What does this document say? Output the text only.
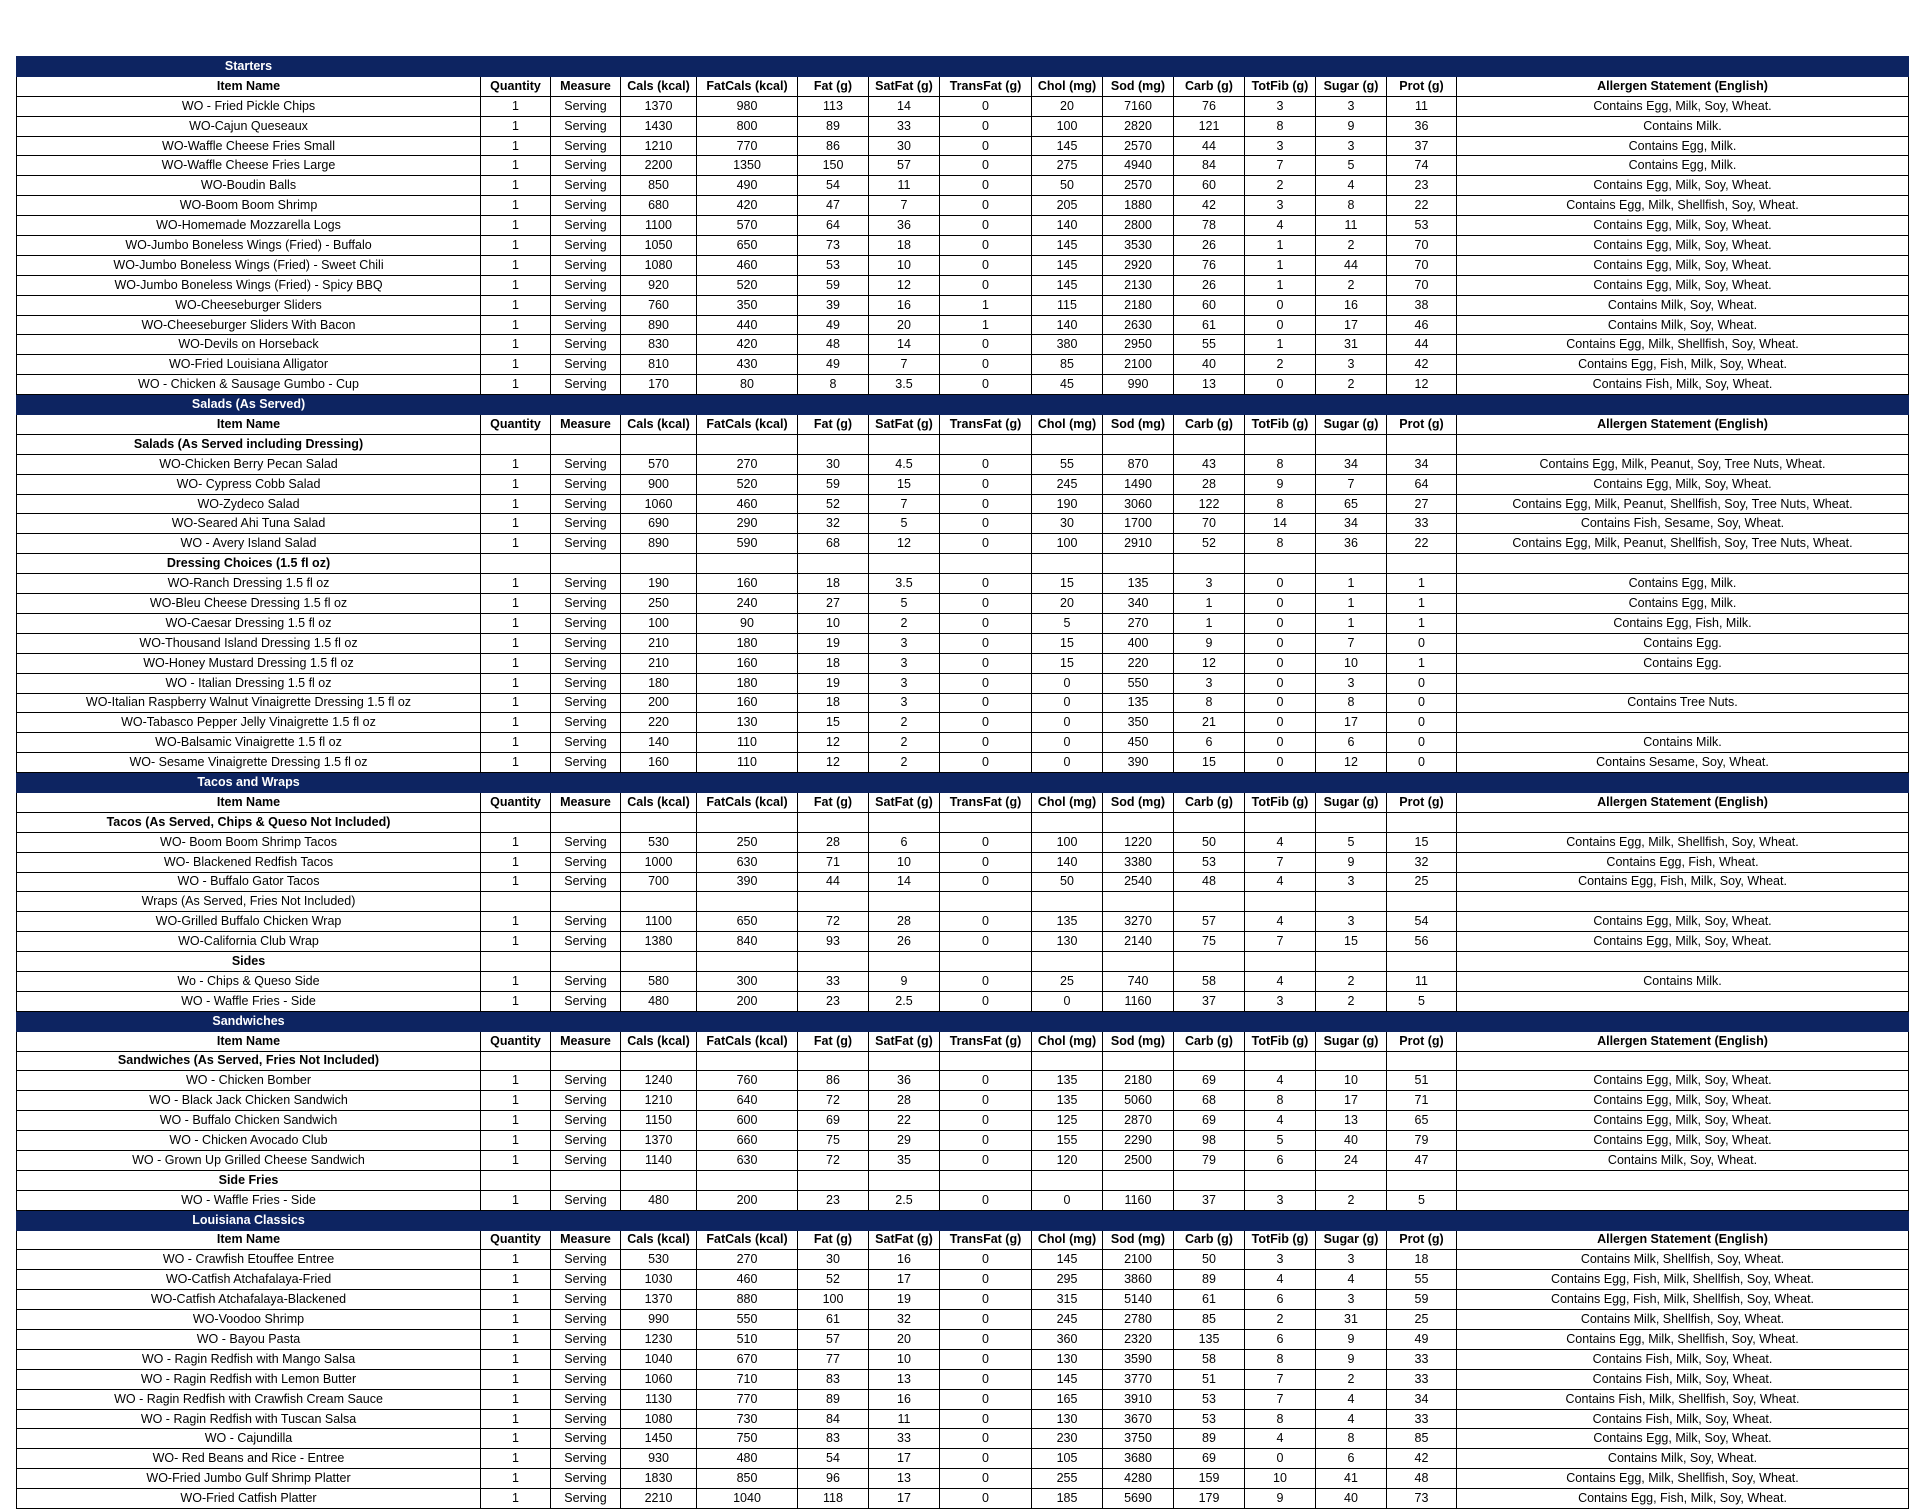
Starters														
Item Name	Quantity	Measure	Cals (kcal)	FatCals (kcal)	Fat (g)	SatFat (g)	TransFat (g)	Chol (mg)	Sod (mg)	Carb (g)	TotFib (g)	Sugar (g)	Prot (g)	Allergen Statement (English)
WO - Fried Pickle Chips	1	Serving	1370	980	113	14	0	20	7160	76	3	3	11	Contains Egg, Milk, Soy, Wheat.
WO-Cajun Queseaux	1	Serving	1430	800	89	33	0	100	2820	121	8	9	36	Contains Milk.
WO-Waffle Cheese Fries Small	1	Serving	1210	770	86	30	0	145	2570	44	3	3	37	Contains Egg, Milk.
WO-Waffle Cheese Fries Large	1	Serving	2200	1350	150	57	0	275	4940	84	7	5	74	Contains Egg, Milk.
WO-Boudin Balls	1	Serving	850	490	54	11	0	50	2570	60	2	4	23	Contains Egg, Milk, Soy, Wheat.
WO-Boom Boom Shrimp	1	Serving	680	420	47	7	0	205	1880	42	3	8	22	Contains Egg, Milk, Shellfish, Soy, Wheat.
WO-Homemade Mozzarella Logs	1	Serving	1100	570	64	36	0	140	2800	78	4	11	53	Contains Egg, Milk, Soy, Wheat.
WO-Jumbo Boneless Wings (Fried) - Buffalo	1	Serving	1050	650	73	18	0	145	3530	26	1	2	70	Contains Egg, Milk, Soy, Wheat.
WO-Jumbo Boneless Wings (Fried) - Sweet Chili	1	Serving	1080	460	53	10	0	145	2920	76	1	44	70	Contains Egg, Milk, Soy, Wheat.
WO-Jumbo Boneless Wings (Fried) - Spicy BBQ	1	Serving	920	520	59	12	0	145	2130	26	1	2	70	Contains Egg, Milk, Soy, Wheat.
WO-Cheeseburger Sliders	1	Serving	760	350	39	16	1	115	2180	60	0	16	38	Contains Milk, Soy, Wheat.
WO-Cheeseburger Sliders With Bacon	1	Serving	890	440	49	20	1	140	2630	61	0	17	46	Contains Milk, Soy, Wheat.
WO-Devils on Horseback	1	Serving	830	420	48	14	0	380	2950	55	1	31	44	Contains Egg, Milk, Shellfish, Soy, Wheat.
WO-Fried Louisiana Alligator	1	Serving	810	430	49	7	0	85	2100	40	2	3	42	Contains Egg, Fish, Milk, Soy, Wheat.
WO - Chicken & Sausage Gumbo - Cup	1	Serving	170	80	8	3.5	0	45	990	13	0	2	12	Contains Fish, Milk, Soy, Wheat.
Salads (As Served)														
Item Name	Quantity	Measure	Cals (kcal)	FatCals (kcal)	Fat (g)	SatFat (g)	TransFat (g)	Chol (mg)	Sod (mg)	Carb (g)	TotFib (g)	Sugar (g)	Prot (g)	Allergen Statement (English)
Salads (As Served including Dressing)														
WO-Chicken Berry Pecan Salad	1	Serving	570	270	30	4.5	0	55	870	43	8	34	34	Contains Egg, Milk, Peanut, Soy, Tree Nuts, Wheat.
WO- Cypress Cobb Salad	1	Serving	900	520	59	15	0	245	1490	28	9	7	64	Contains Egg, Milk, Soy, Wheat.
WO-Zydeco Salad	1	Serving	1060	460	52	7	0	190	3060	122	8	65	27	Contains Egg, Milk, Peanut, Shellfish, Soy, Tree Nuts, Wheat.
WO-Seared Ahi Tuna Salad	1	Serving	690	290	32	5	0	30	1700	70	14	34	33	Contains Fish, Sesame, Soy, Wheat.
WO - Avery Island Salad	1	Serving	890	590	68	12	0	100	2910	52	8	36	22	Contains Egg, Milk, Peanut, Shellfish, Soy, Tree Nuts, Wheat.
Dressing Choices (1.5 fl oz)														
WO-Ranch Dressing 1.5 fl oz	1	Serving	190	160	18	3.5	0	15	135	3	0	1	1	Contains Egg, Milk.
WO-Bleu Cheese Dressing 1.5 fl oz	1	Serving	250	240	27	5	0	20	340	1	0	1	1	Contains Egg, Milk.
WO-Caesar Dressing 1.5 fl oz	1	Serving	100	90	10	2	0	5	270	1	0	1	1	Contains Egg, Fish, Milk.
WO-Thousand Island Dressing 1.5 fl oz	1	Serving	210	180	19	3	0	15	400	9	0	7	0	Contains Egg.
WO-Honey Mustard Dressing 1.5 fl oz	1	Serving	210	160	18	3	0	15	220	12	0	10	1	Contains Egg.
WO - Italian Dressing 1.5 fl oz	1	Serving	180	180	19	3	0	0	550	3	0	3	0	
WO-Italian Raspberry Walnut Vinaigrette Dressing 1.5 fl oz	1	Serving	200	160	18	3	0	0	135	8	0	8	0	Contains Tree Nuts.
WO-Tabasco Pepper Jelly Vinaigrette 1.5 fl oz	1	Serving	220	130	15	2	0	0	350	21	0	17	0	
WO-Balsamic Vinaigrette 1.5 fl oz	1	Serving	140	110	12	2	0	0	450	6	0	6	0	Contains Milk.
WO- Sesame Vinaigrette Dressing 1.5 fl oz	1	Serving	160	110	12	2	0	0	390	15	0	12	0	Contains Sesame, Soy, Wheat.
Tacos and Wraps														
Item Name	Quantity	Measure	Cals (kcal)	FatCals (kcal)	Fat (g)	SatFat (g)	TransFat (g)	Chol (mg)	Sod (mg)	Carb (g)	TotFib (g)	Sugar (g)	Prot (g)	Allergen Statement (English)
Tacos (As Served, Chips & Queso Not Included)														
WO- Boom Boom Shrimp Tacos	1	Serving	530	250	28	6	0	100	1220	50	4	5	15	Contains Egg, Milk, Shellfish, Soy, Wheat.
WO- Blackened Redfish Tacos	1	Serving	1000	630	71	10	0	140	3380	53	7	9	32	Contains Egg, Fish, Wheat.
WO - Buffalo Gator Tacos	1	Serving	700	390	44	14	0	50	2540	48	4	3	25	Contains Egg, Fish, Milk, Soy, Wheat.
Wraps (As Served, Fries Not Included)														
WO-Grilled Buffalo Chicken Wrap	1	Serving	1100	650	72	28	0	135	3270	57	4	3	54	Contains Egg, Milk, Soy, Wheat.
WO-California Club Wrap	1	Serving	1380	840	93	26	0	130	2140	75	7	15	56	Contains Egg, Milk, Soy, Wheat.
Sides														
Wo - Chips & Queso Side	1	Serving	580	300	33	9	0	25	740	58	4	2	11	Contains Milk.
WO - Waffle Fries - Side	1	Serving	480	200	23	2.5	0	0	1160	37	3	2	5	
Sandwiches														
Item Name	Quantity	Measure	Cals (kcal)	FatCals (kcal)	Fat (g)	SatFat (g)	TransFat (g)	Chol (mg)	Sod (mg)	Carb (g)	TotFib (g)	Sugar (g)	Prot (g)	Allergen Statement (English)
Sandwiches (As Served, Fries Not Included)														
WO - Chicken Bomber	1	Serving	1240	760	86	36	0	135	2180	69	4	10	51	Contains Egg, Milk, Soy, Wheat.
WO - Black Jack Chicken Sandwich	1	Serving	1210	640	72	28	0	135	5060	68	8	17	71	Contains Egg, Milk, Soy, Wheat.
WO - Buffalo Chicken Sandwich	1	Serving	1150	600	69	22	0	125	2870	69	4	13	65	Contains Egg, Milk, Soy, Wheat.
WO - Chicken Avocado Club	1	Serving	1370	660	75	29	0	155	2290	98	5	40	79	Contains Egg, Milk, Soy, Wheat.
WO - Grown Up Grilled Cheese Sandwich	1	Serving	1140	630	72	35	0	120	2500	79	6	24	47	Contains Milk, Soy, Wheat.
Side Fries														
WO - Waffle Fries - Side	1	Serving	480	200	23	2.5	0	0	1160	37	3	2	5	
Louisiana Classics														
Item Name	Quantity	Measure	Cals (kcal)	FatCals (kcal)	Fat (g)	SatFat (g)	TransFat (g)	Chol (mg)	Sod (mg)	Carb (g)	TotFib (g)	Sugar (g)	Prot (g)	Allergen Statement (English)
WO - Crawfish Etouffee Entree	1	Serving	530	270	30	16	0	145	2100	50	3	3	18	Contains Milk, Shellfish, Soy, Wheat.
WO-Catfish Atchafalaya-Fried	1	Serving	1030	460	52	17	0	295	3860	89	4	4	55	Contains Egg, Fish, Milk, Shellfish, Soy, Wheat.
WO-Catfish Atchafalaya-Blackened	1	Serving	1370	880	100	19	0	315	5140	61	6	3	59	Contains Egg, Fish, Milk, Shellfish, Soy, Wheat.
WO-Voodoo Shrimp	1	Serving	990	550	61	32	0	245	2780	85	2	31	25	Contains Milk, Shellfish, Soy, Wheat.
WO - Bayou Pasta	1	Serving	1230	510	57	20	0	360	2320	135	6	9	49	Contains Egg, Milk, Shellfish, Soy, Wheat.
WO - Ragin Redfish with Mango Salsa	1	Serving	1040	670	77	10	0	130	3590	58	8	9	33	Contains Fish, Milk, Soy, Wheat.
WO - Ragin Redfish with Lemon Butter	1	Serving	1060	710	83	13	0	145	3770	51	7	2	33	Contains Fish, Milk, Soy, Wheat.
WO - Ragin Redfish with Crawfish Cream Sauce	1	Serving	1130	770	89	16	0	165	3910	53	7	4	34	Contains Fish, Milk, Shellfish, Soy, Wheat.
WO - Ragin Redfish with Tuscan Salsa	1	Serving	1080	730	84	11	0	130	3670	53	8	4	33	Contains Fish, Milk, Soy, Wheat.
WO - Cajundilla	1	Serving	1450	750	83	33	0	230	3750	89	4	8	85	Contains Egg, Milk, Soy, Wheat.
WO- Red Beans and Rice - Entree	1	Serving	930	480	54	17	0	105	3680	69	0	6	42	Contains Milk, Soy, Wheat.
WO-Fried Jumbo Gulf Shrimp Platter	1	Serving	1830	850	96	13	0	255	4280	159	10	41	48	Contains Egg, Milk, Shellfish, Soy, Wheat.
WO-Fried Catfish Platter	1	Serving	2210	1040	118	17	0	185	5690	179	9	40	73	Contains Egg, Fish, Milk, Soy, Wheat.
